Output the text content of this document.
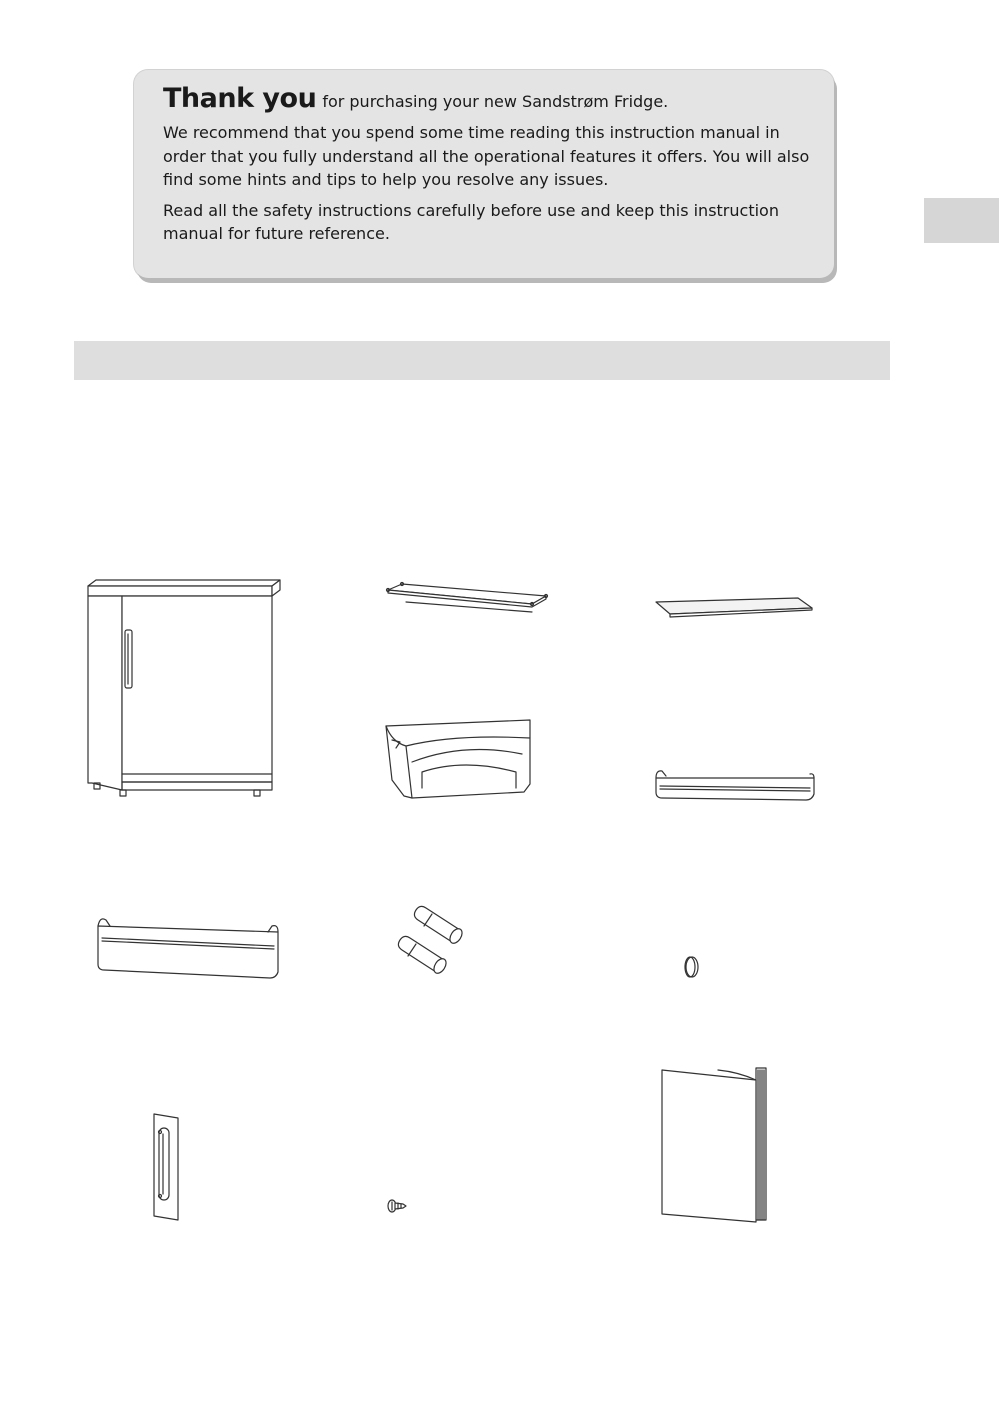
Thank you for purchasing your new Sandstrøm Fridge.

We recommend that you spend some time reading this instruction manual in order that you fully understand all the operational features it offers. You will also find some hints and tips to help you resolve any issues.

Read all the safety instructions carefully before use and keep this instruction manual for future reference.
